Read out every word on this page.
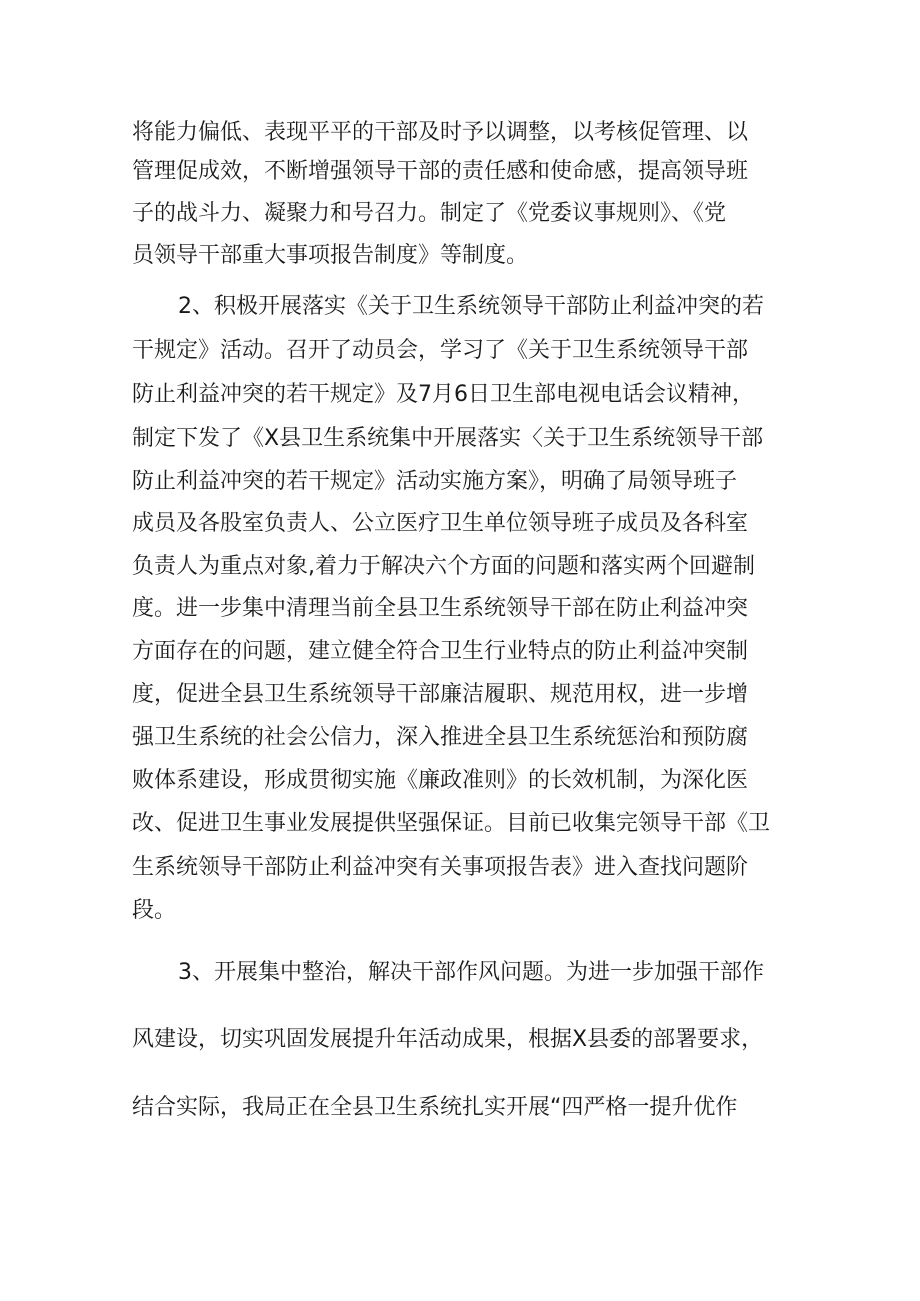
将能力偏低、表现平平的干部及时予以调整，以考核促管理、以

管理促成效，不断增强领导干部的责任感和使命感，提高领导班

子的战斗力、凝聚力和号召力。制定了《党委议事规则》、《党

员领导干部重大事项报告制度》等制度。

2、积极开展落实《关于卫生系统领导干部防止利益冲突的若

干规定》活动。召开了动员会，学习了《关于卫生系统领导干部

防止利益冲突的若干规定》及7月6日卫生部电视电话会议精神，

制定下发了《X县卫生系统集中开展落实〈关于卫生系统领导干部

防止利益冲突的若干规定》活动实施方案》，明确了局领导班子

成员及各股室负责人、公立医疗卫生单位领导班子成员及各科室

负责人为重点对象,着力于解决六个方面的问题和落实两个回避制

度。进一步集中清理当前全县卫生系统领导干部在防止利益冲突

方面存在的问题，建立健全符合卫生行业特点的防止利益冲突制

度，促进全县卫生系统领导干部廉洁履职、规范用权，进一步增

强卫生系统的社会公信力，深入推进全县卫生系统惩治和预防腐

败体系建设，形成贯彻实施《廉政准则》的长效机制，为深化医

改、促进卫生事业发展提供坚强保证。目前已收集完领导干部《卫

生系统领导干部防止利益冲突有关事项报告表》进入查找问题阶

段。

3、开展集中整治，解决干部作风问题。为进一步加强干部作

风建设，切实巩固发展提升年活动成果，根据X县委的部署要求，

结合实际，我局正在全县卫生系统扎实开展“四严格一提升优作
